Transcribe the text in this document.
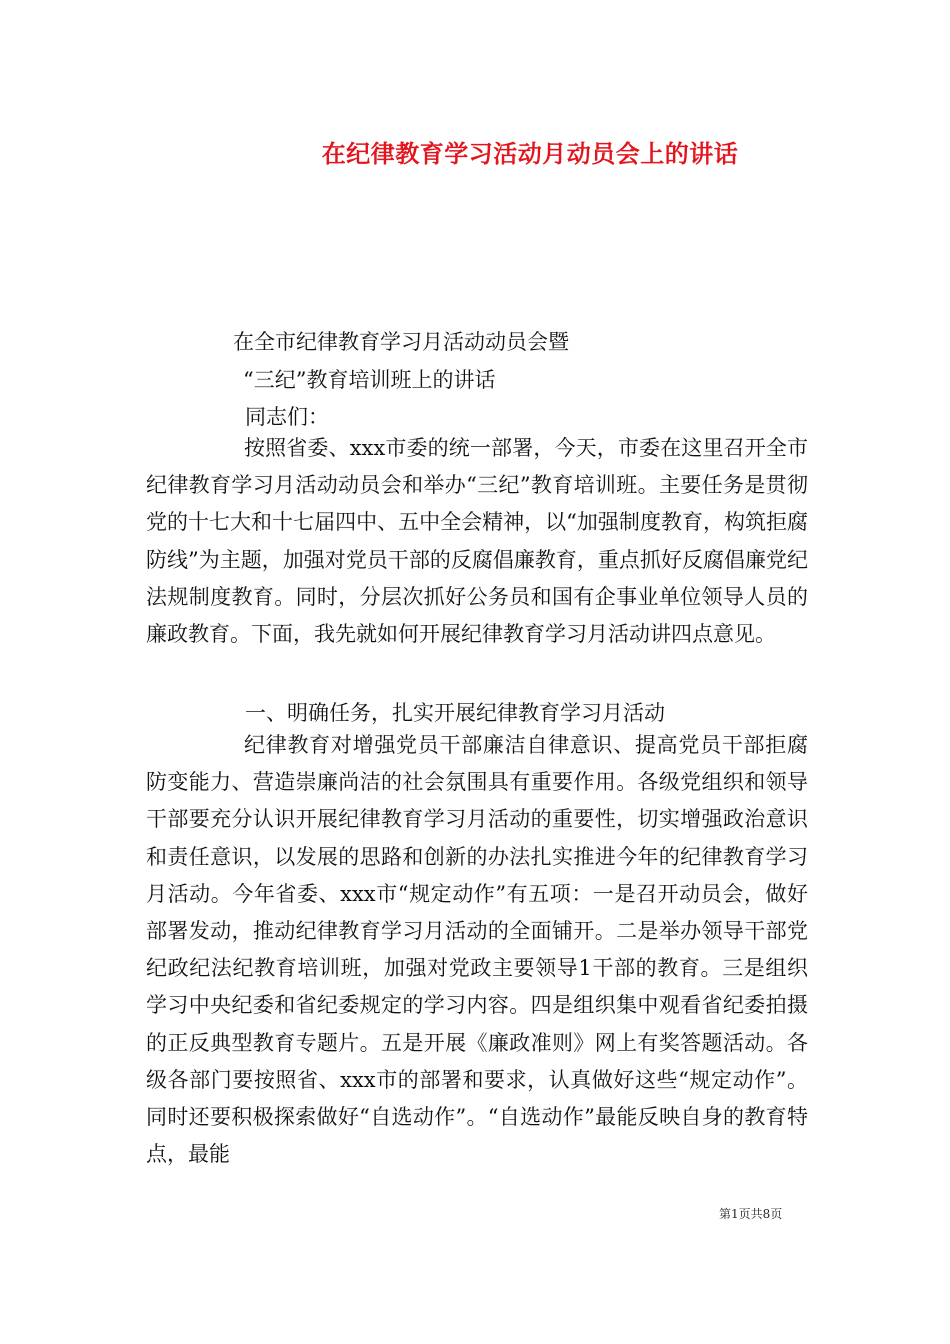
在纪律教育学习活动月动员会上的讲话
在全市纪律教育学习月活动动员会暨
“三纪”教育培训班上的讲话
同志们：

按照省委、xxx市委的统一部署，今天，市委在这里召开全市纪律教育学习月活动动员会和举办“三纪”教育培训班。主要任务是贯彻党的十七大和十七届四中、五中全会精神，以“加强制度教育，构筑拒腐防线”为主题，加强对党员干部的反腐倡廉教育，重点抓好反腐倡廉党纪法规制度教育。同时，分层次抓好公务员和国有企事业单位领导人员的廉政教育。下面，我先就如何开展纪律教育学习月活动讲四点意见。

一、明确任务，扎实开展纪律教育学习月活动

纪律教育对增强党员干部廉洁自律意识、提高党员干部拒腐防变能力、营造崇廉尚洁的社会氛围具有重要作用。各级党组织和领导干部要充分认识开展纪律教育学习月活动的重要性，切实增强政治意识和责任意识，以发展的思路和创新的办法扎实推进今年的纪律教育学习月活动。今年省委、xxx市“规定动作”有五项：一是召开动员会，做好部署发动，推动纪律教育学习月活动的全面铺开。二是举办领导干部党纪政纪法纪教育培训班，加强对党政主要领导1干部的教育。三是组织学习中央纪委和省纪委规定的学习内容。四是组织集中观看省纪委拍摄的正反典型教育专题片。五是开展《廉政准则》网上有奖答题活动。各级各部门要按照省、xxx市的部署和要求，认真做好这些“规定动作”。同时还要积极探索做好“自选动作”。“自选动作”最能反映自身的教育特点，最能

第1页共8页
